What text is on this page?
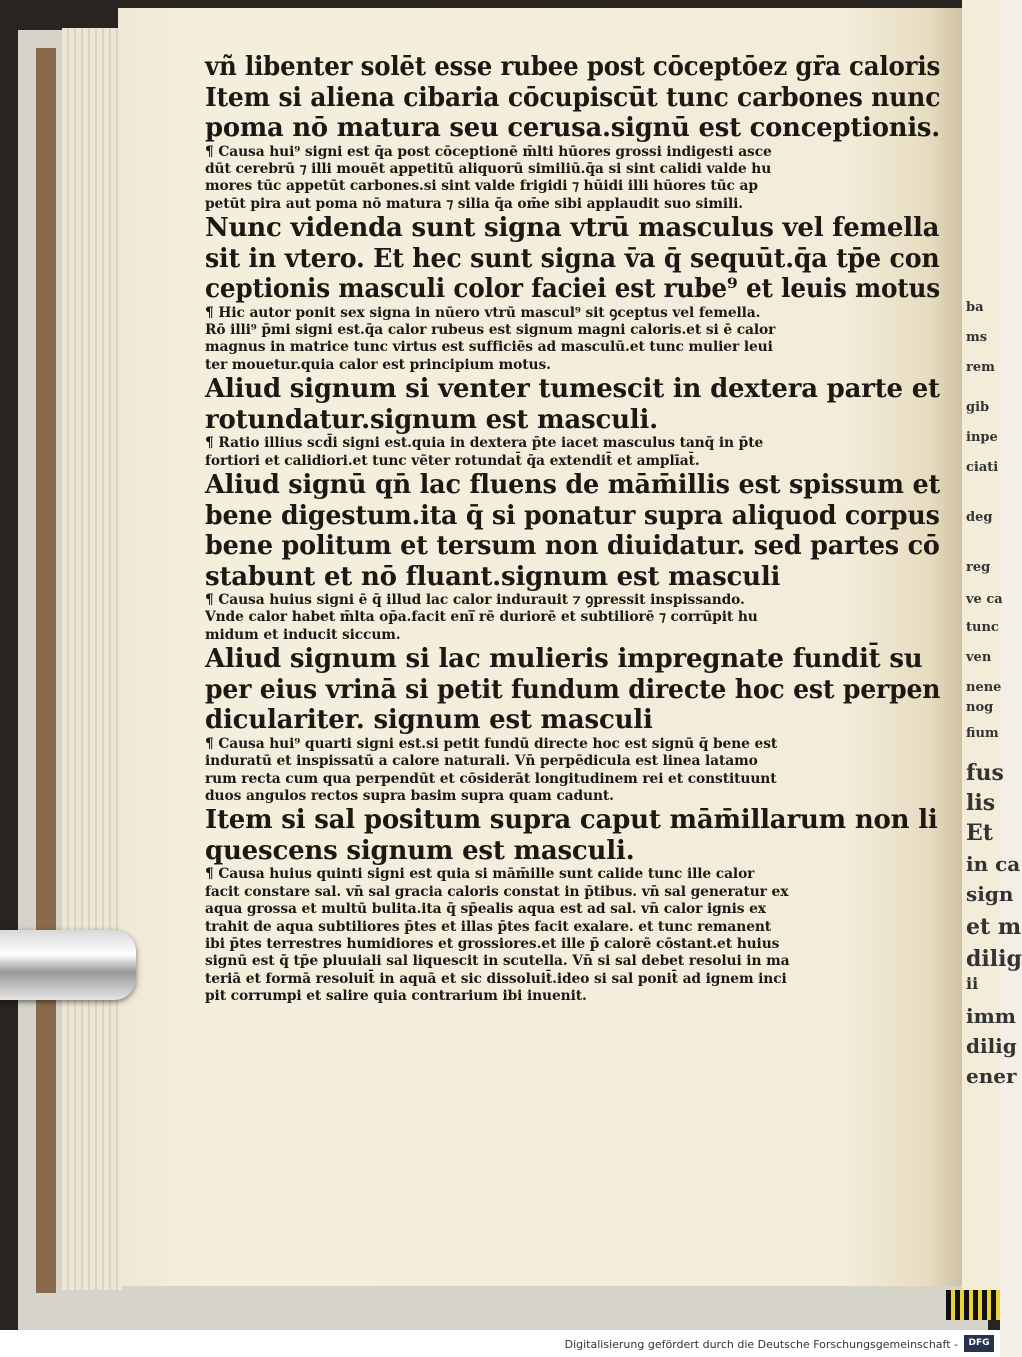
fus
lis
Et
in ca
sign
et m
dilig
ii
imm
dilig
ener
ba
ms
rem
gib
inpe
ciati
deg
reg
ve ca
tunc
ven
nene
nog
fium
vñ libenter solēt esse rubee post cōceptōez gr̄a caloris
Item si aliena cibaria cōcupiscūt tunc carbones nunc
poma nō matura seu cerusa.signū est conceptionis.
¶ Causa hui⁹ signi est q̄a post cōceptionē m̄lti hūores grossi indigesti asce
dūt cerebrū ⁊ illi mouēt appetitū aliquorū similiū.q̄a si sint calidi valde hu
mores tūc appetūt carbones.si sint valde frigidi ⁊ hūidi illi hūores tūc ap
petūt pira aut poma nō matura ⁊ silia q̄a om̄e sibi applaudit suo simili.
Nunc videnda sunt signa vtrū masculus vel femella
sit in vtero. Et hec sunt signa v̄a q̄ sequūt.q̄a tp̄e con
ceptionis masculi color faciei est rube⁹ et leuis motus
¶ Hic autor ponit sex signa in nūero vtrū mascul⁹ sit ꝯceptus vel femella.
Rō illi⁹ p̄mi signi est.q̄a calor rubeus est signum magni caloris.et si ē calor
magnus in matrice tunc virtus est sufficiēs ad masculū.et tunc mulier leui
ter mouetur.quia calor est principium motus.
Aliud signum si venter tumescit in dextera parte et
rotundatur.signum est masculi.
¶ Ratio illius scd̄i signi est.quia in dextera p̄te iacet masculus tanq̄ in p̄te
fortiori et calidiori.et tunc vēter rotundat̄ q̄a extendit̄ et amplīat̄.
Aliud signū qn̄ lac fluens de mām̄illis est spissum et
bene digestum.ita q̄ si ponatur supra aliquod corpus
bene politum et tersum non diuidatur. sed partes cō
stabunt et nō fluant.signum est masculi
¶ Causa huius signi ē q̄ illud lac calor indurauit ⁊ ꝯpressit inspissando.
Vnde calor habet m̄lta op̄a.facit eni̅ rē duriorē et subtiliorē ⁊ corrūpit hu
midum et inducit siccum.
Aliud signum si lac mulieris impregnate fundit̄ su
per eius vrinā si petit fundum directe hoc est perpen
diculariter. signum est masculi
¶ Causa hui⁹ quarti signi est.si petit fundū directe hoc est signū q̄ bene est
induratū et inspissatū a calore naturali. Vn̄ perpēdicula est linea latamo
rum recta cum qua perpendūt et cōsiderāt longitudinem rei et constituunt
duos angulos rectos supra basim supra quam cadunt.
Item si sal positum supra caput mām̄illarum non li
quescens signum est masculi.
¶ Causa huius quinti signi est quia si mām̄ille sunt calide tunc ille calor
facit constare sal. vn̄ sal gracia caloris constat in p̄tibus. vn̄ sal generatur ex
aqua grossa et multū bulita.ita q̄ sp̄ealis aqua est ad sal. vn̄ calor ignis ex
trahit de aqua subtiliores p̄tes et illas p̄tes facit exalare. et tunc remanent
ibi p̄tes terrestres humidiores et grossiores.et ille p̄ calorē cōstant.et huius
signū est q̄ tp̄e pluuiali sal liquescit in scutella. Vn̄ si sal debet resolui in ma
teriā et formā resoluit̄ in aquā et sic dissoluit̄.ideo si sal ponit̄ ad ignem inci
pit corrumpi et salire quia contrarium ibi inuenit.
Digitalisierung gefördert durch die Deutsche Forschungsgemeinschaft -	DFG
